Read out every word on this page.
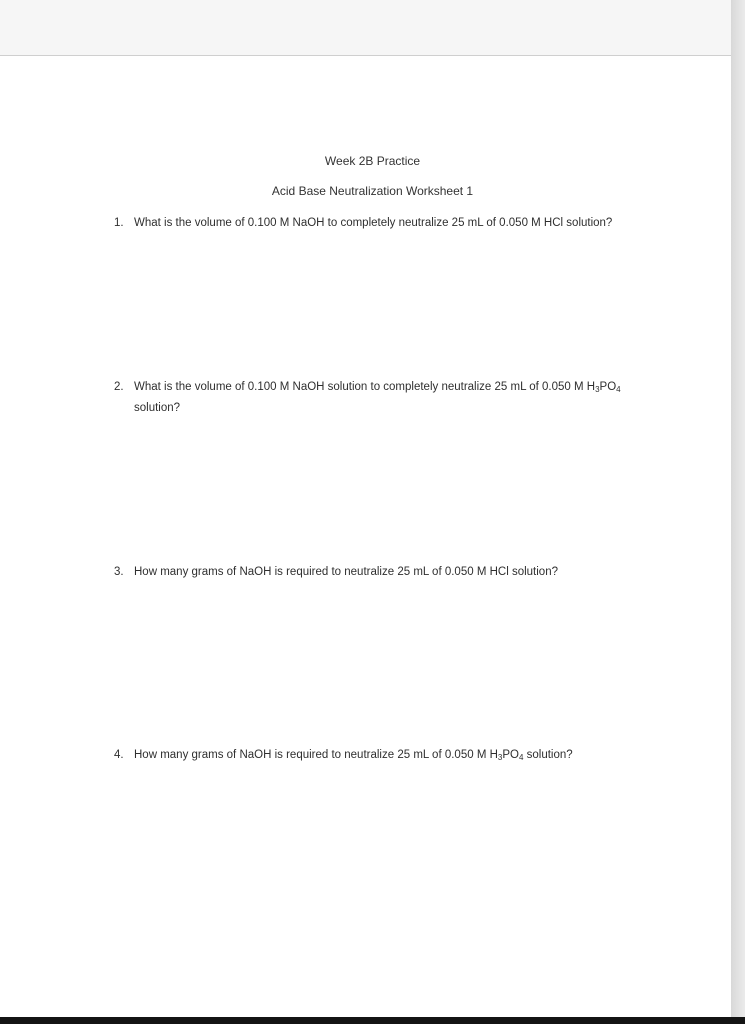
Week 2B Practice
Acid Base Neutralization Worksheet 1
1. What is the volume of 0.100 M NaOH to completely neutralize 25 mL of 0.050 M HCl solution?
2. What is the volume of 0.100 M NaOH solution to completely neutralize 25 mL of 0.050 M $H_3PO_4$
solution?
3. How many grams of NaOH is required to neutralize 25 mL of 0.050 M HCl solution?
4. How many grams of NaOH is required to neutralize 25 mL of 0.050 M $H_3PO_4$ solution?
